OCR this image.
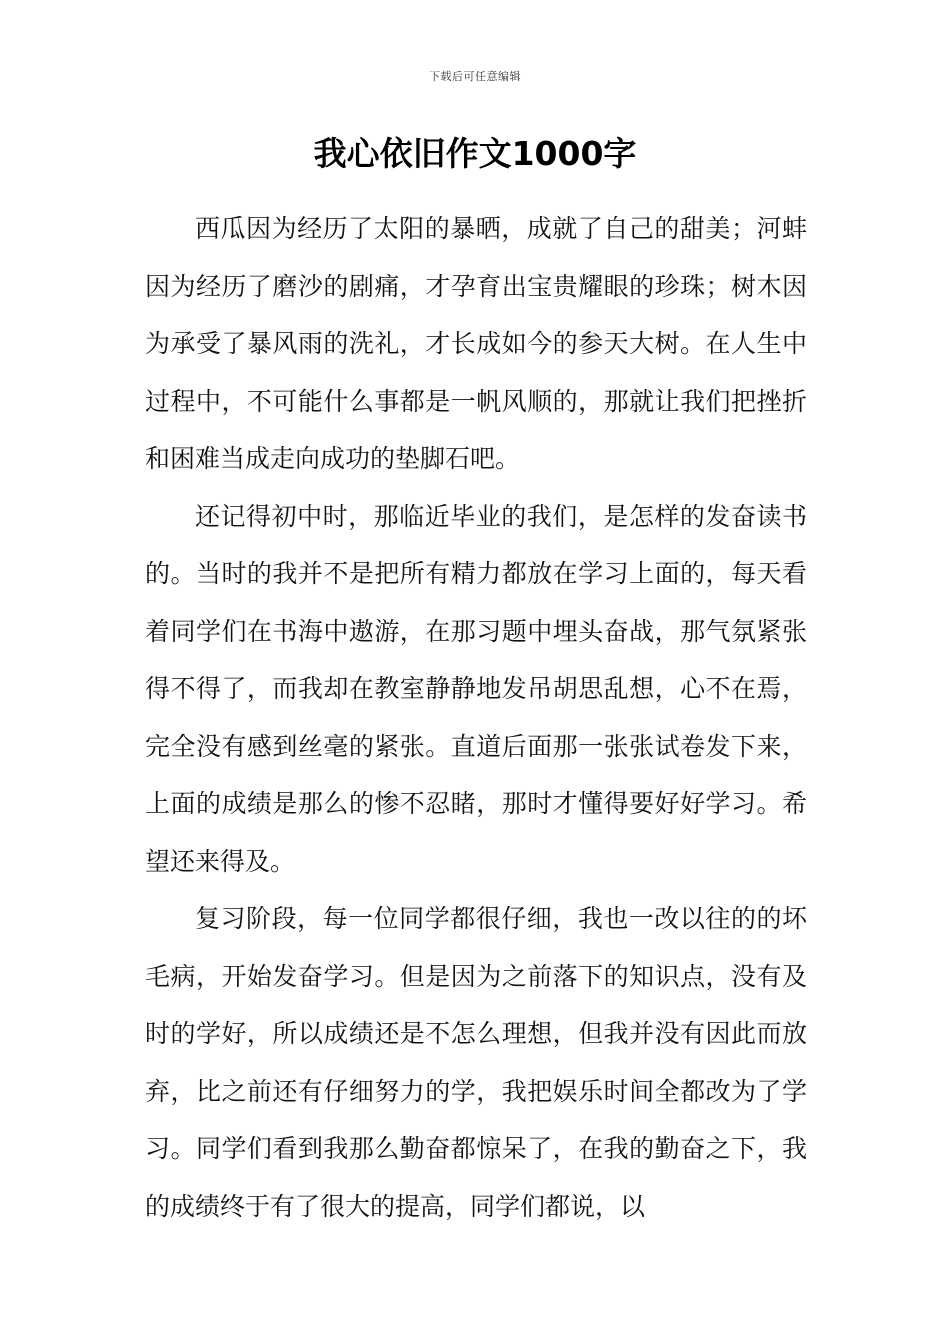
下载后可任意编辑
我心依旧作文1000字

西瓜因为经历了太阳的暴晒，成就了自己的甜美；河蚌因为经历了磨沙的剧痛，才孕育出宝贵耀眼的珍珠；树木因为承受了暴风雨的洗礼，才长成如今的参天大树。在人生中过程中，不可能什么事都是一帆风顺的，那就让我们把挫折和困难当成走向成功的垫脚石吧。

还记得初中时，那临近毕业的我们，是怎样的发奋读书的。当时的我并不是把所有精力都放在学习上面的，每天看着同学们在书海中遨游，在那习题中埋头奋战，那气氛紧张得不得了，而我却在教室静静地发吊胡思乱想，心不在焉，完全没有感到丝毫的紧张。直道后面那一张张试卷发下来，上面的成绩是那么的惨不忍睹，那时才懂得要好好学习。希望还来得及。

复习阶段，每一位同学都很仔细，我也一改以往的的坏毛病，开始发奋学习。但是因为之前落下的知识点，没有及时的学好，所以成绩还是不怎么理想，但我并没有因此而放弃，比之前还有仔细努力的学，我把娱乐时间全都改为了学习。同学们看到我那么勤奋都惊呆了，在我的勤奋之下，我的成绩终于有了很大的提高，同学们都说，以
